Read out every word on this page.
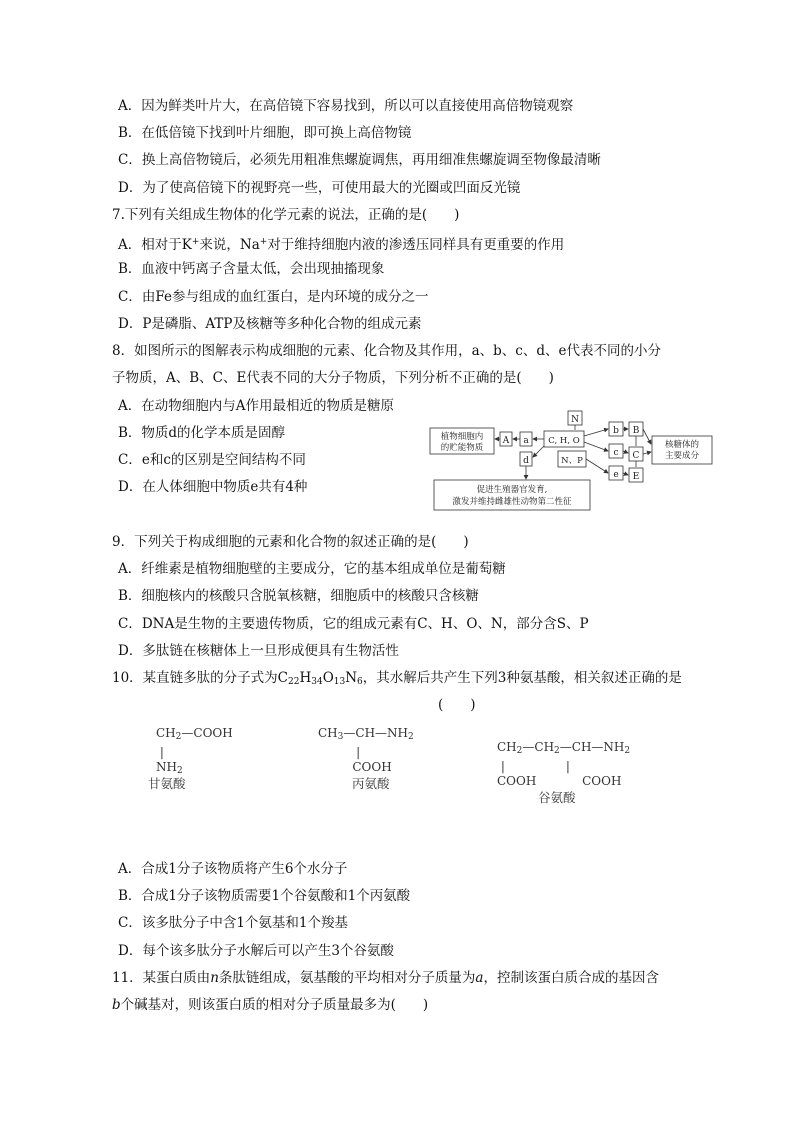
A．因为鲜类叶片大，在高倍镜下容易找到，所以可以直接使用高倍物镜观察
B．在低倍镜下找到叶片细胞，即可换上高倍物镜
C．换上高倍物镜后，必须先用粗准焦螺旋调焦，再用细准焦螺旋调至物像最清晰
D．为了使高倍镜下的视野亮一些，可使用最大的光圈或凹面反光镜
7.下列有关组成生物体的化学元素的说法，正确的是(　　)
A．相对于K+来说，Na+对于维持细胞内液的渗透压同样具有更重要的作用
B．血液中钙离子含量太低，会出现抽搐现象
C．由Fe参与组成的血红蛋白，是内环境的成分之一
D．P是磷脂、ATP及核糖等多种化合物的组成元素
8．如图所示的图解表示构成细胞的元素、化合物及其作用，a、b、c、d、e代表不同的小分
子物质，A、B、C、E代表不同的大分子物质，下列分析不正确的是(　　)
A．在动物细胞内与A作用最相近的物质是糖原
B．物质d的化学本质是固醇
C．e和c的区别是空间结构不同
D．在人体细胞中物质e共有4种
植物细胞内
的贮能物质
A a C, H, O
N
N、P
d
b
c
e
B
C
E
核糖体的
主要成分
促进生殖器官发育,
激发并维持雌雄性动物第二性征
9．下列关于构成细胞的元素和化合物的叙述正确的是(　　)
A．纤维素是植物细胞壁的主要成分，它的基本组成单位是葡萄糖
B．细胞核内的核酸只含脱氧核糖，细胞质中的核酸只含核糖
C．DNA是生物的主要遗传物质，它的组成元素有C、H、O、N，部分含S、P
D．多肽链在核糖体上一旦形成便具有生物活性
10．某直链多肽的分子式为$C_{22}H_{34}O_{13}N_6$，其水解后共产生下列3种氨基酸，相关叙述正确的是
(　　)
$CH_2—COOH$
|
$NH_2$
甘氨酸
$CH_3—CH—NH_2$
|
COOH
丙氨酸
$CH_2—CH_2—CH—NH_2$
|                |
COOH            COOH
谷氨酸
A．合成1分子该物质将产生6个水分子
B．合成1分子该物质需要1个谷氨酸和1个丙氨酸
C．该多肽分子中含1个氨基和1个羧基
D．每个该多肽分子水解后可以产生3个谷氨酸
11．某蛋白质由n条肽链组成，氨基酸的平均相对分子质量为a，控制该蛋白质合成的基因含
b个碱基对，则该蛋白质的相对分子质量最多为(　　)
